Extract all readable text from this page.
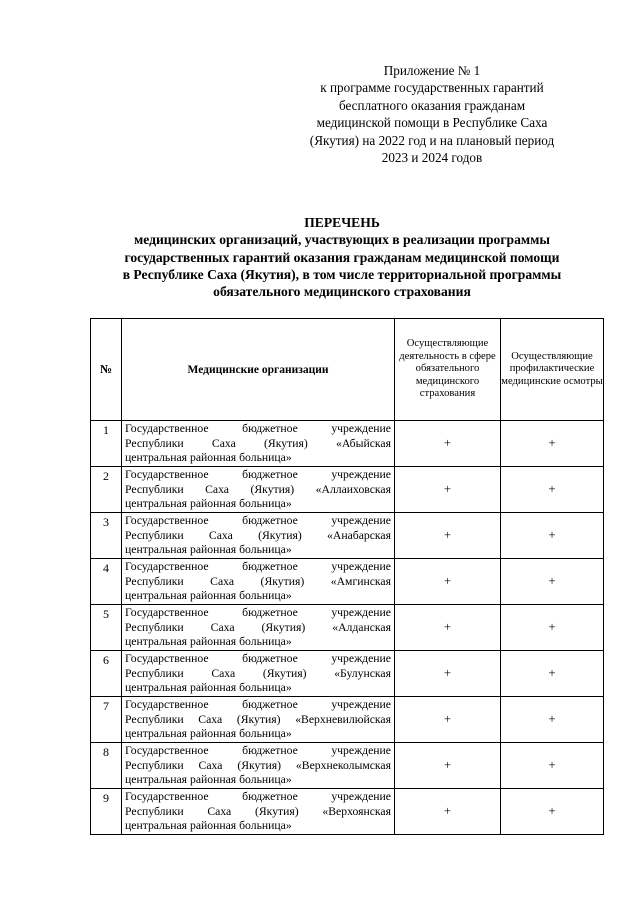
Приложение № 1
к программе государственных гарантий
бесплатного оказания гражданам
медицинской помощи в Республике Саха
(Якутия) на 2022 год и на плановый период
2023 и 2024 годов
ПЕРЕЧЕНЬ
медицинских организаций, участвующих в реализации программы
государственных гарантий оказания гражданам медицинской помощи
в Республике Саха (Якутия), в том числе территориальной программы
обязательного медицинского страхования
№	Медицинские организации	Осуществляющие деятельность в сфере обязательного медицинского страхования	Осуществляющие профилактические медицинские осмотры
1	Государственное бюджетное учреждение
Республики Саха (Якутия) «Абыйская
центральная районная больница»	+	+
2	Государственное бюджетное учреждение
Республики Саха (Якутия) «Аллаиховская
центральная районная больница»	+	+
3	Государственное бюджетное учреждение
Республики Саха (Якутия) «Анабарская
центральная районная больница»	+	+
4	Государственное бюджетное учреждение
Республики Саха (Якутия) «Амгинская
центральная районная больница»	+	+
5	Государственное бюджетное учреждение
Республики Саха (Якутия) «Алданская
центральная районная больница»	+	+
6	Государственное бюджетное учреждение
Республики Саха (Якутия) «Булунская
центральная районная больница»	+	+
7	Государственное бюджетное учреждение
Республики Саха (Якутия) «Верхневилюйская
центральная районная больница»	+	+
8	Государственное бюджетное учреждение
Республики Саха (Якутия) «Верхнеколымская
центральная районная больница»	+	+
9	Государственное бюджетное учреждение
Республики Саха (Якутия) «Верхоянская
центральная районная больница»	+	+
